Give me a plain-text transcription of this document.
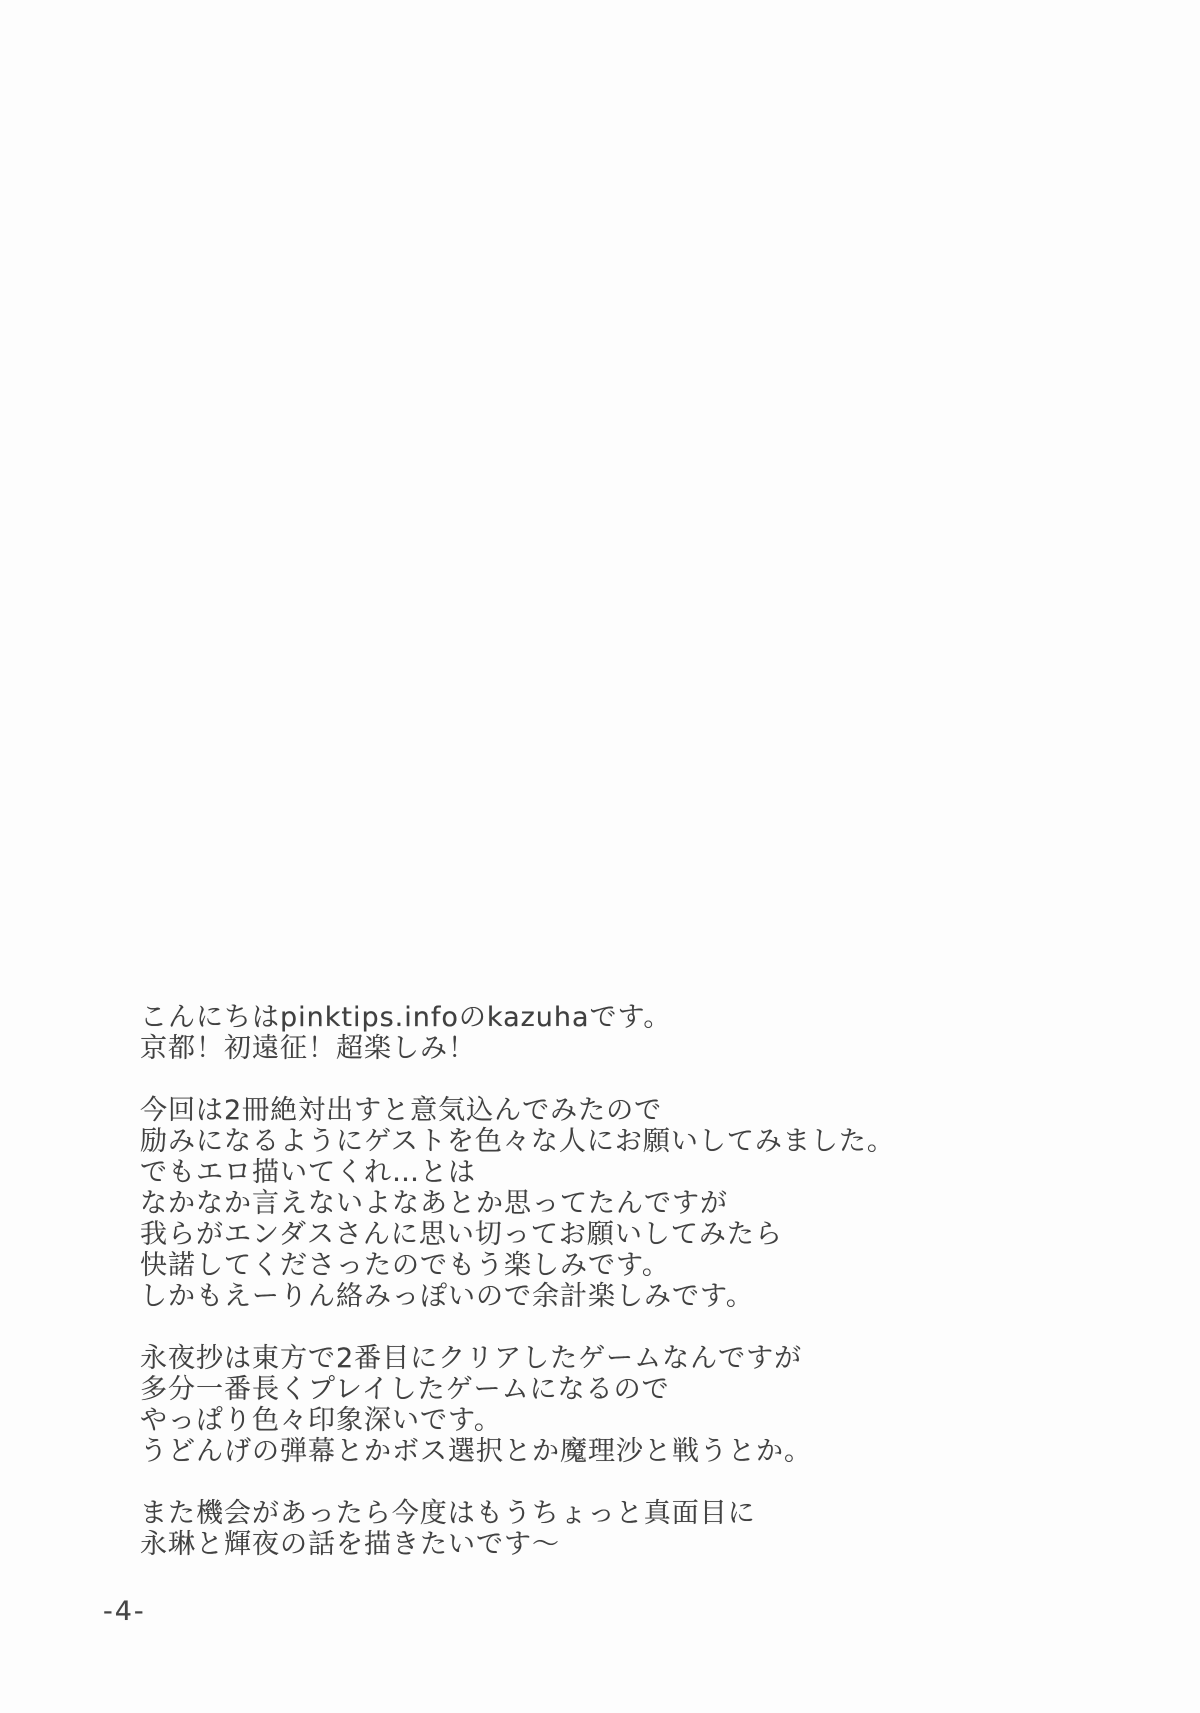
こんにちはpinktips.infoのkazuhaです。
京都！初遠征！超楽しみ！
今回は2冊絶対出すと意気込んでみたので
励みになるようにゲストを色々な人にお願いしてみました。
でもエロ描いてくれ…とは
なかなか言えないよなあとか思ってたんですが
我らがエンダスさんに思い切ってお願いしてみたら
快諾してくださったのでもう楽しみです。
しかもえーりん絡みっぽいので余計楽しみです。
永夜抄は東方で2番目にクリアしたゲームなんですが
多分一番長くプレイしたゲームになるので
やっぱり色々印象深いです。
うどんげの弾幕とかボス選択とか魔理沙と戦うとか。
また機会があったら今度はもうちょっと真面目に
永琳と輝夜の話を描きたいです～
-4-
